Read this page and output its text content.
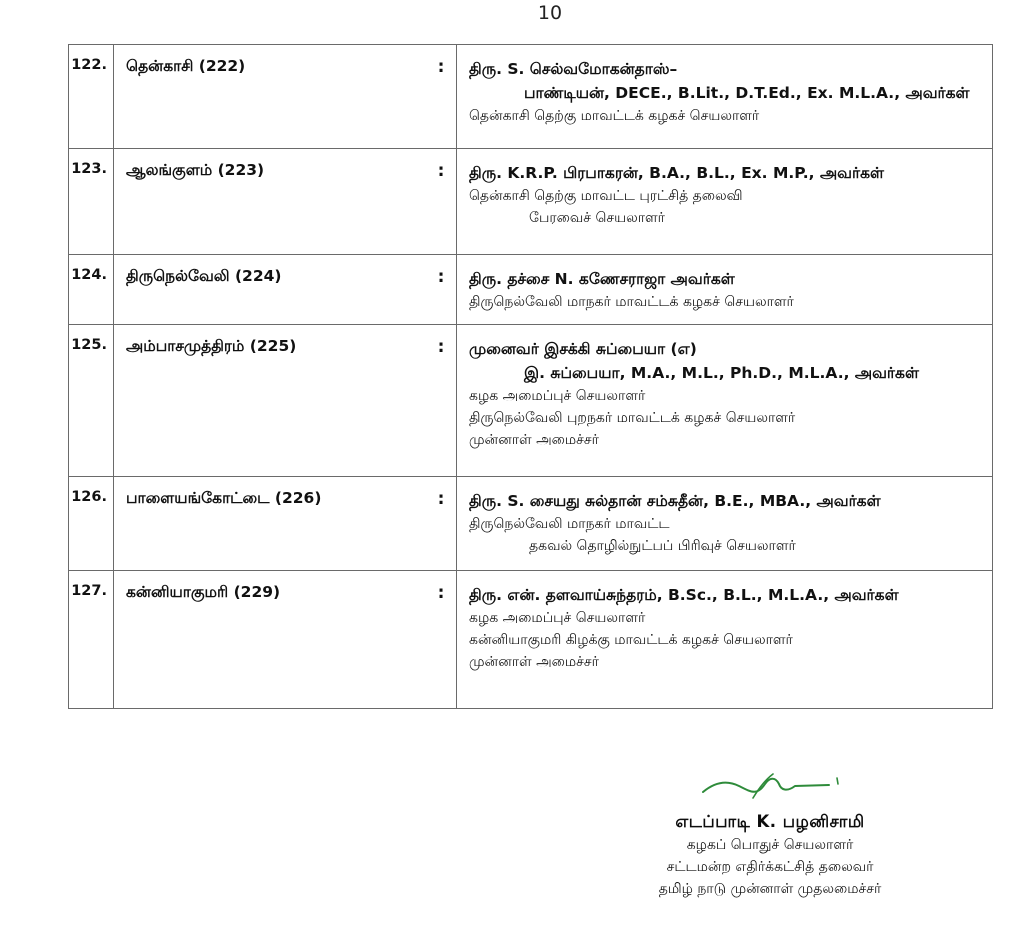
10
122.	தென்காசி (222)	:	திரு. S. செல்வமோகன்தாஸ்–
பாண்டியன், DECE., B.Lit., D.T.Ed., Ex. M.L.A., அவர்கள்
தென்காசி தெற்கு மாவட்டக் கழகச் செயலாளர்

123.	ஆலங்குளம் (223)	:	திரு. K.R.P. பிரபாகரன், B.A., B.L., Ex. M.P., அவர்கள்
தென்காசி தெற்கு மாவட்ட புரட்சித் தலைவி
பேரவைச் செயலாளர்

124.	திருநெல்வேலி (224)	:	திரு. தச்சை N. கணேசராஜா அவர்கள்
திருநெல்வேலி மாநகர் மாவட்டக் கழகச் செயலாளர்

125.	அம்பாசமுத்திரம் (225)	:	முனைவர் இசக்கி சுப்பையா (எ)
இ. சுப்பையா, M.A., M.L., Ph.D., M.L.A., அவர்கள்
கழக அமைப்புச் செயலாளர்
திருநெல்வேலி புறநகர் மாவட்டக் கழகச் செயலாளர்
முன்னாள் அமைச்சர்

126.	பாளையங்கோட்டை (226)	:	திரு. S. சையது சுல்தான் சம்சுதீன், B.E., MBA., அவர்கள்
திருநெல்வேலி மாநகர் மாவட்ட
தகவல் தொழில்நுட்பப் பிரிவுச் செயலாளர்

127.	கன்னியாகுமரி (229)	:	திரு. என். தளவாய்சுந்தரம், B.Sc., B.L., M.L.A., அவர்கள்
கழக அமைப்புச் செயலாளர்
கன்னியாகுமரி கிழக்கு மாவட்டக் கழகச் செயலாளர்
முன்னாள் அமைச்சர்
எடப்பாடி K. பழனிசாமி
கழகப் பொதுச் செயலாளர்
சட்டமன்ற எதிர்க்கட்சித் தலைவர்
தமிழ் நாடு முன்னாள் முதலமைச்சர்
